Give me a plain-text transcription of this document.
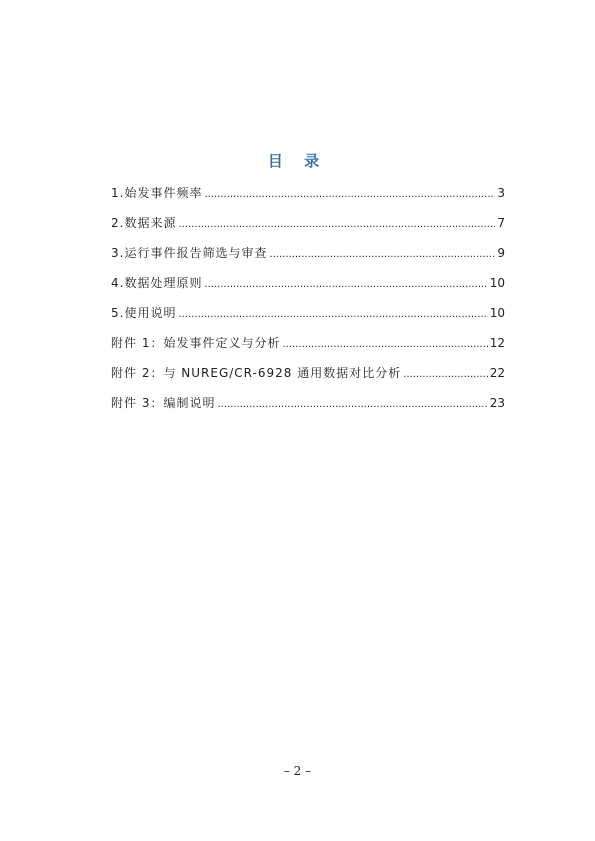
目 录
1.始发事件频率 .....	3
2.数据来源 .....	7
3.运行事件报告筛选与审查 .....	9
4.数据处理原则 .....	10
5.使用说明 .....	10
附件 1：始发事件定义与分析 .....	12
附件 2：与 NUREG/CR-6928 通用数据对比分析 .....	22
附件 3：编制说明 .....	23
– 2 –
